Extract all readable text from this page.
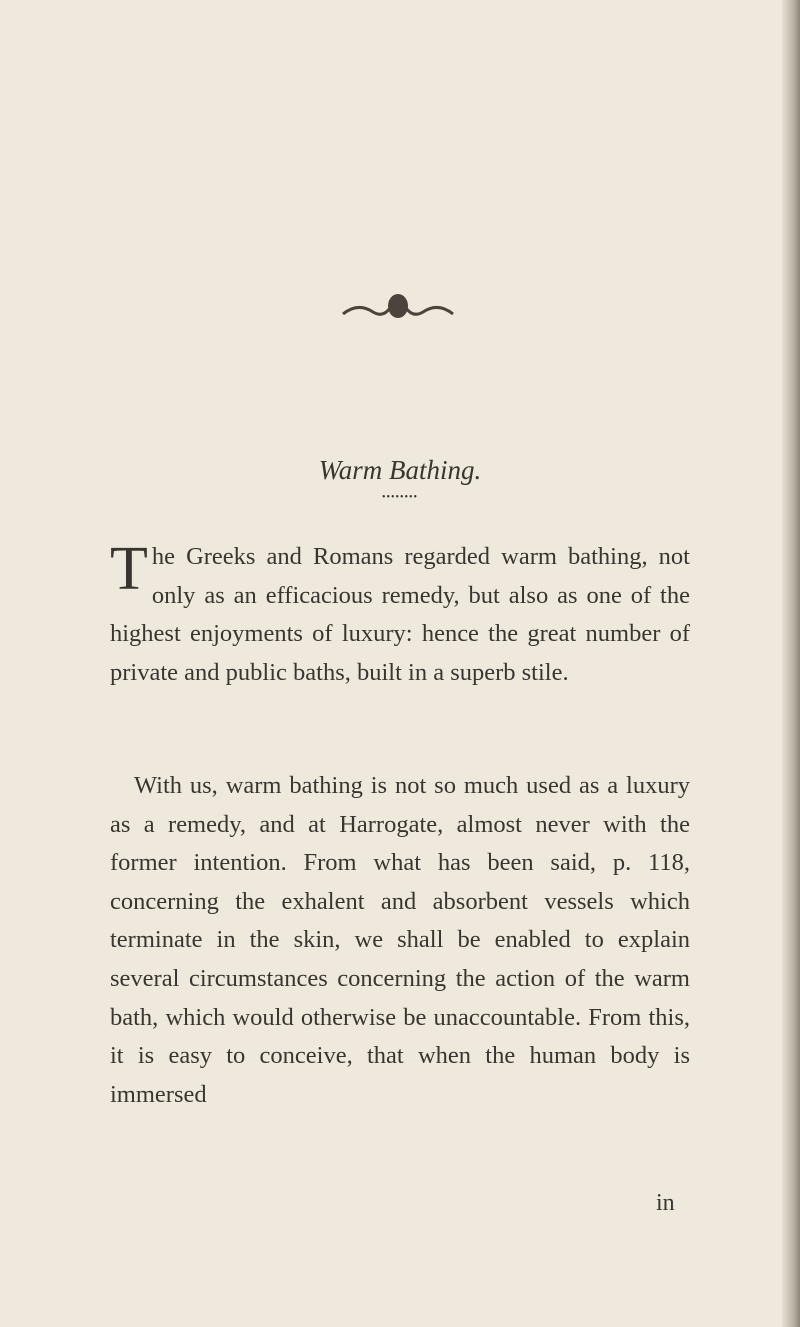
Warm Bathing.
••••••••

The Greeks and Romans regarded warm bathing, not only as an efficacious remedy, but also as one of the highest enjoyments of luxury: hence the great number of private and public baths, built in a superb stile.

With us, warm bathing is not so much used as a luxury as a remedy, and at Harrogate, almost never with the former intention. From what has been said, p. 118, concerning the exhalent and absorbent vessels which terminate in the skin, we shall be enabled to explain several circumstances concerning the action of the warm bath, which would otherwise be unaccountable. From this, it is easy to conceive, that when the human body is immersed
in
